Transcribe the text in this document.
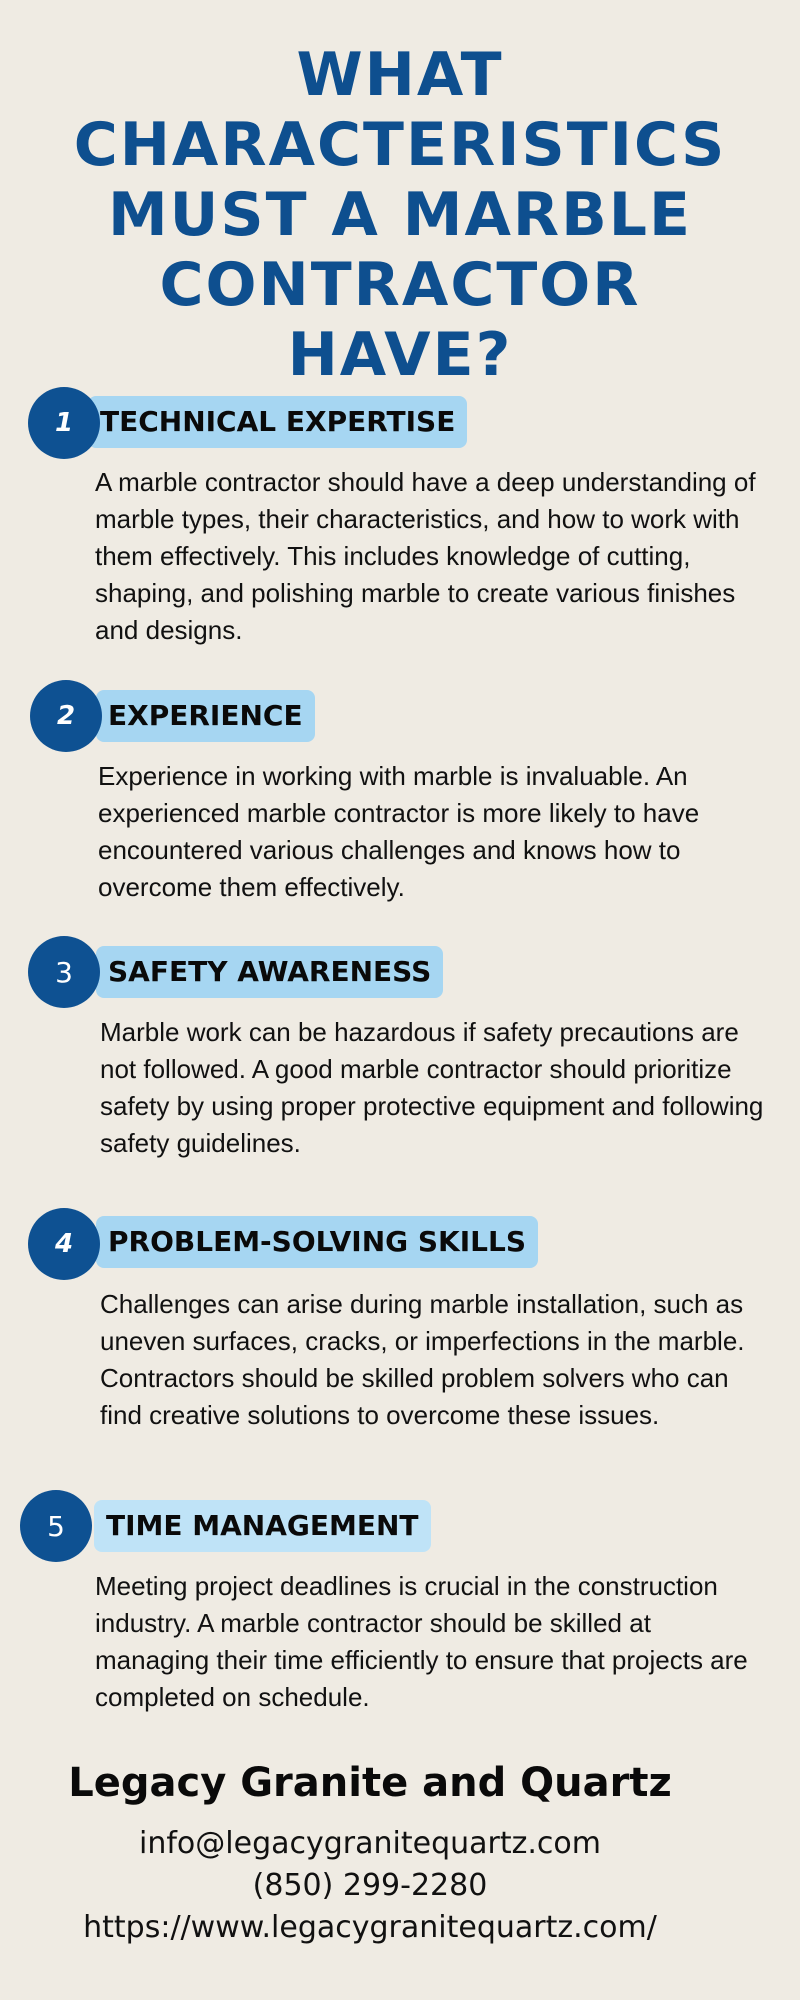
WHAT
CHARACTERISTICS
MUST A MARBLE
CONTRACTOR HAVE?
1 TECHNICAL EXPERTISE

A marble contractor should have a deep understanding of marble types, their characteristics, and how to work with them effectively. This includes knowledge of cutting, shaping, and polishing marble to create various finishes and designs.

2	EXPERIENCE

Experience in working with marble is invaluable. An experienced marble contractor is more likely to have encountered various challenges and knows how to overcome them effectively.

3	SAFETY AWARENESS

Marble work can be hazardous if safety precautions are not followed. A good marble contractor should prioritize safety by using proper protective equipment and following safety guidelines.

4	PROBLEM-SOLVING SKILLS

Challenges can arise during marble installation, such as uneven surfaces, cracks, or imperfections in the marble. Contractors should be skilled problem solvers who can find creative solutions to overcome these issues.

5	TIME MANAGEMENT

Meeting project deadlines is crucial in the construction industry. A marble contractor should be skilled at managing their time efficiently to ensure that projects are completed on schedule.

Legacy Granite and Quartz
info@legacygranitequartz.com
(850) 299-2280
https://www.legacygranitequartz.com/
